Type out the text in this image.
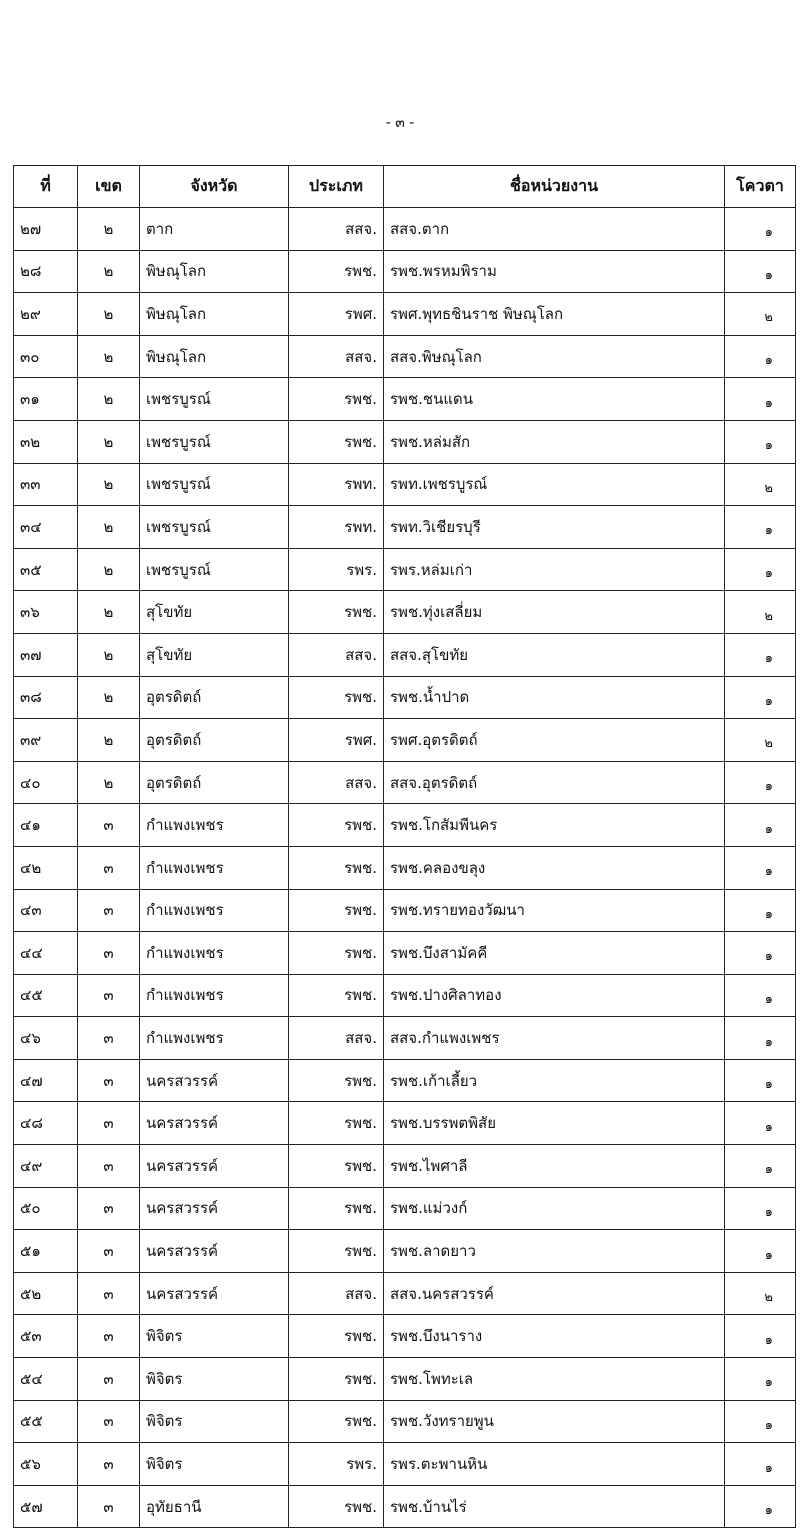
- ๓ -
ที่	เขต	จังหวัด	ประเภท	ชื่อหน่วยงาน	โควตา
๒๗	๒	ตาก	สสจ.	สสจ.ตาก	๑
๒๘	๒	พิษณุโลก	รพช.	รพช.พรหมพิราม	๑
๒๙	๒	พิษณุโลก	รพศ.	รพศ.พุทธชินราช พิษณุโลก	๒
๓๐	๒	พิษณุโลก	สสจ.	สสจ.พิษณุโลก	๑
๓๑	๒	เพชรบูรณ์	รพช.	รพช.ชนแดน	๑
๓๒	๒	เพชรบูรณ์	รพช.	รพช.หล่มสัก	๑
๓๓	๒	เพชรบูรณ์	รพท.	รพท.เพชรบูรณ์	๒
๓๔	๒	เพชรบูรณ์	รพท.	รพท.วิเชียรบุรี	๑
๓๕	๒	เพชรบูรณ์	รพร.	รพร.หล่มเก่า	๑
๓๖	๒	สุโขทัย	รพช.	รพช.ทุ่งเสลี่ยม	๒
๓๗	๒	สุโขทัย	สสจ.	สสจ.สุโขทัย	๑
๓๘	๒	อุตรดิตถ์	รพช.	รพช.น้ำปาด	๑
๓๙	๒	อุตรดิตถ์	รพศ.	รพศ.อุตรดิตถ์	๒
๔๐	๒	อุตรดิตถ์	สสจ.	สสจ.อุตรดิตถ์	๑
๔๑	๓	กำแพงเพชร	รพช.	รพช.โกสัมพีนคร	๑
๔๒	๓	กำแพงเพชร	รพช.	รพช.คลองขลุง	๑
๔๓	๓	กำแพงเพชร	รพช.	รพช.ทรายทองวัฒนา	๑
๔๔	๓	กำแพงเพชร	รพช.	รพช.บึงสามัคคี	๑
๔๕	๓	กำแพงเพชร	รพช.	รพช.ปางศิลาทอง	๑
๔๖	๓	กำแพงเพชร	สสจ.	สสจ.กำแพงเพชร	๑
๔๗	๓	นครสวรรค์	รพช.	รพช.เก้าเลี้ยว	๑
๔๘	๓	นครสวรรค์	รพช.	รพช.บรรพตพิสัย	๑
๔๙	๓	นครสวรรค์	รพช.	รพช.ไพศาลี	๑
๕๐	๓	นครสวรรค์	รพช.	รพช.แม่วงก์	๑
๕๑	๓	นครสวรรค์	รพช.	รพช.ลาดยาว	๑
๕๒	๓	นครสวรรค์	สสจ.	สสจ.นครสวรรค์	๒
๕๓	๓	พิจิตร	รพช.	รพช.บึงนาราง	๑
๕๔	๓	พิจิตร	รพช.	รพช.โพทะเล	๑
๕๕	๓	พิจิตร	รพช.	รพช.วังทรายพูน	๑
๕๖	๓	พิจิตร	รพร.	รพร.ตะพานหิน	๑
๕๗	๓	อุทัยธานี	รพช.	รพช.บ้านไร่	๑
